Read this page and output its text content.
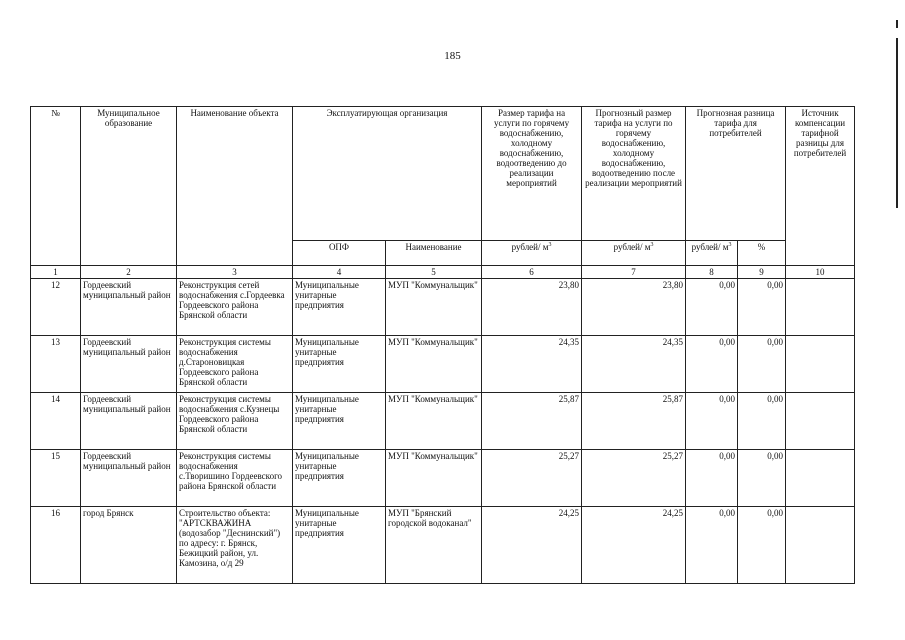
185
№	Муниципальное образование	Наименование объекта	Эксплуатирующая организация		Размер тарифа на услуги по горячему водоснабжению, холодному водоснабжению, водоотведению до реализации мероприятий	Прогнозный размер тарифа на услуги по горячему водоснабжению, холодному водоснабжению, водоотведению после реализации мероприятий	Прогнозная разница тарифа для потребителей		Источник компенсации тарифной разницы для потребителей
			ОПФ	Наименование	рублей/ $м^3$	рублей/ $м^3$	рублей/ $м^3$	%	
1	2	3	4	5	6	7	8	9	10
12	Гордеевский муниципальный район	Реконструкция сетей водоснабжения с.Гордеевка Гордеевского района Брянской области	Муниципальные унитарные предприятия	МУП "Коммунальщик"	23,80	23,80	0,00	0,00	
13	Гордеевский муниципальный район	Реконструкция системы водоснабжения д.Староновицкая Гордеевского района Брянской области	Муниципальные унитарные предприятия	МУП "Коммунальщик"	24,35	24,35	0,00	0,00	
14	Гордеевский муниципальный район	Реконструкция системы водоснабжения с.Кузнецы Гордеевского района Брянской области	Муниципальные унитарные предприятия	МУП "Коммунальщик"	25,87	25,87	0,00	0,00	
15	Гордеевский муниципальный район	Реконструкция системы водоснабжения с.Творишино Гордеевского района Брянской области	Муниципальные унитарные предприятия	МУП "Коммунальщик"	25,27	25,27	0,00	0,00	
16	город Брянск	Строительство объекта: "АРТСКВАЖИНА (водозабор "Деснинский") по адресу: г. Брянск, Бежицкий район, ул. Камозина, о/д 29	Муниципальные унитарные предприятия	МУП "Брянский городской водоканал"	24,25	24,25	0,00	0,00	
